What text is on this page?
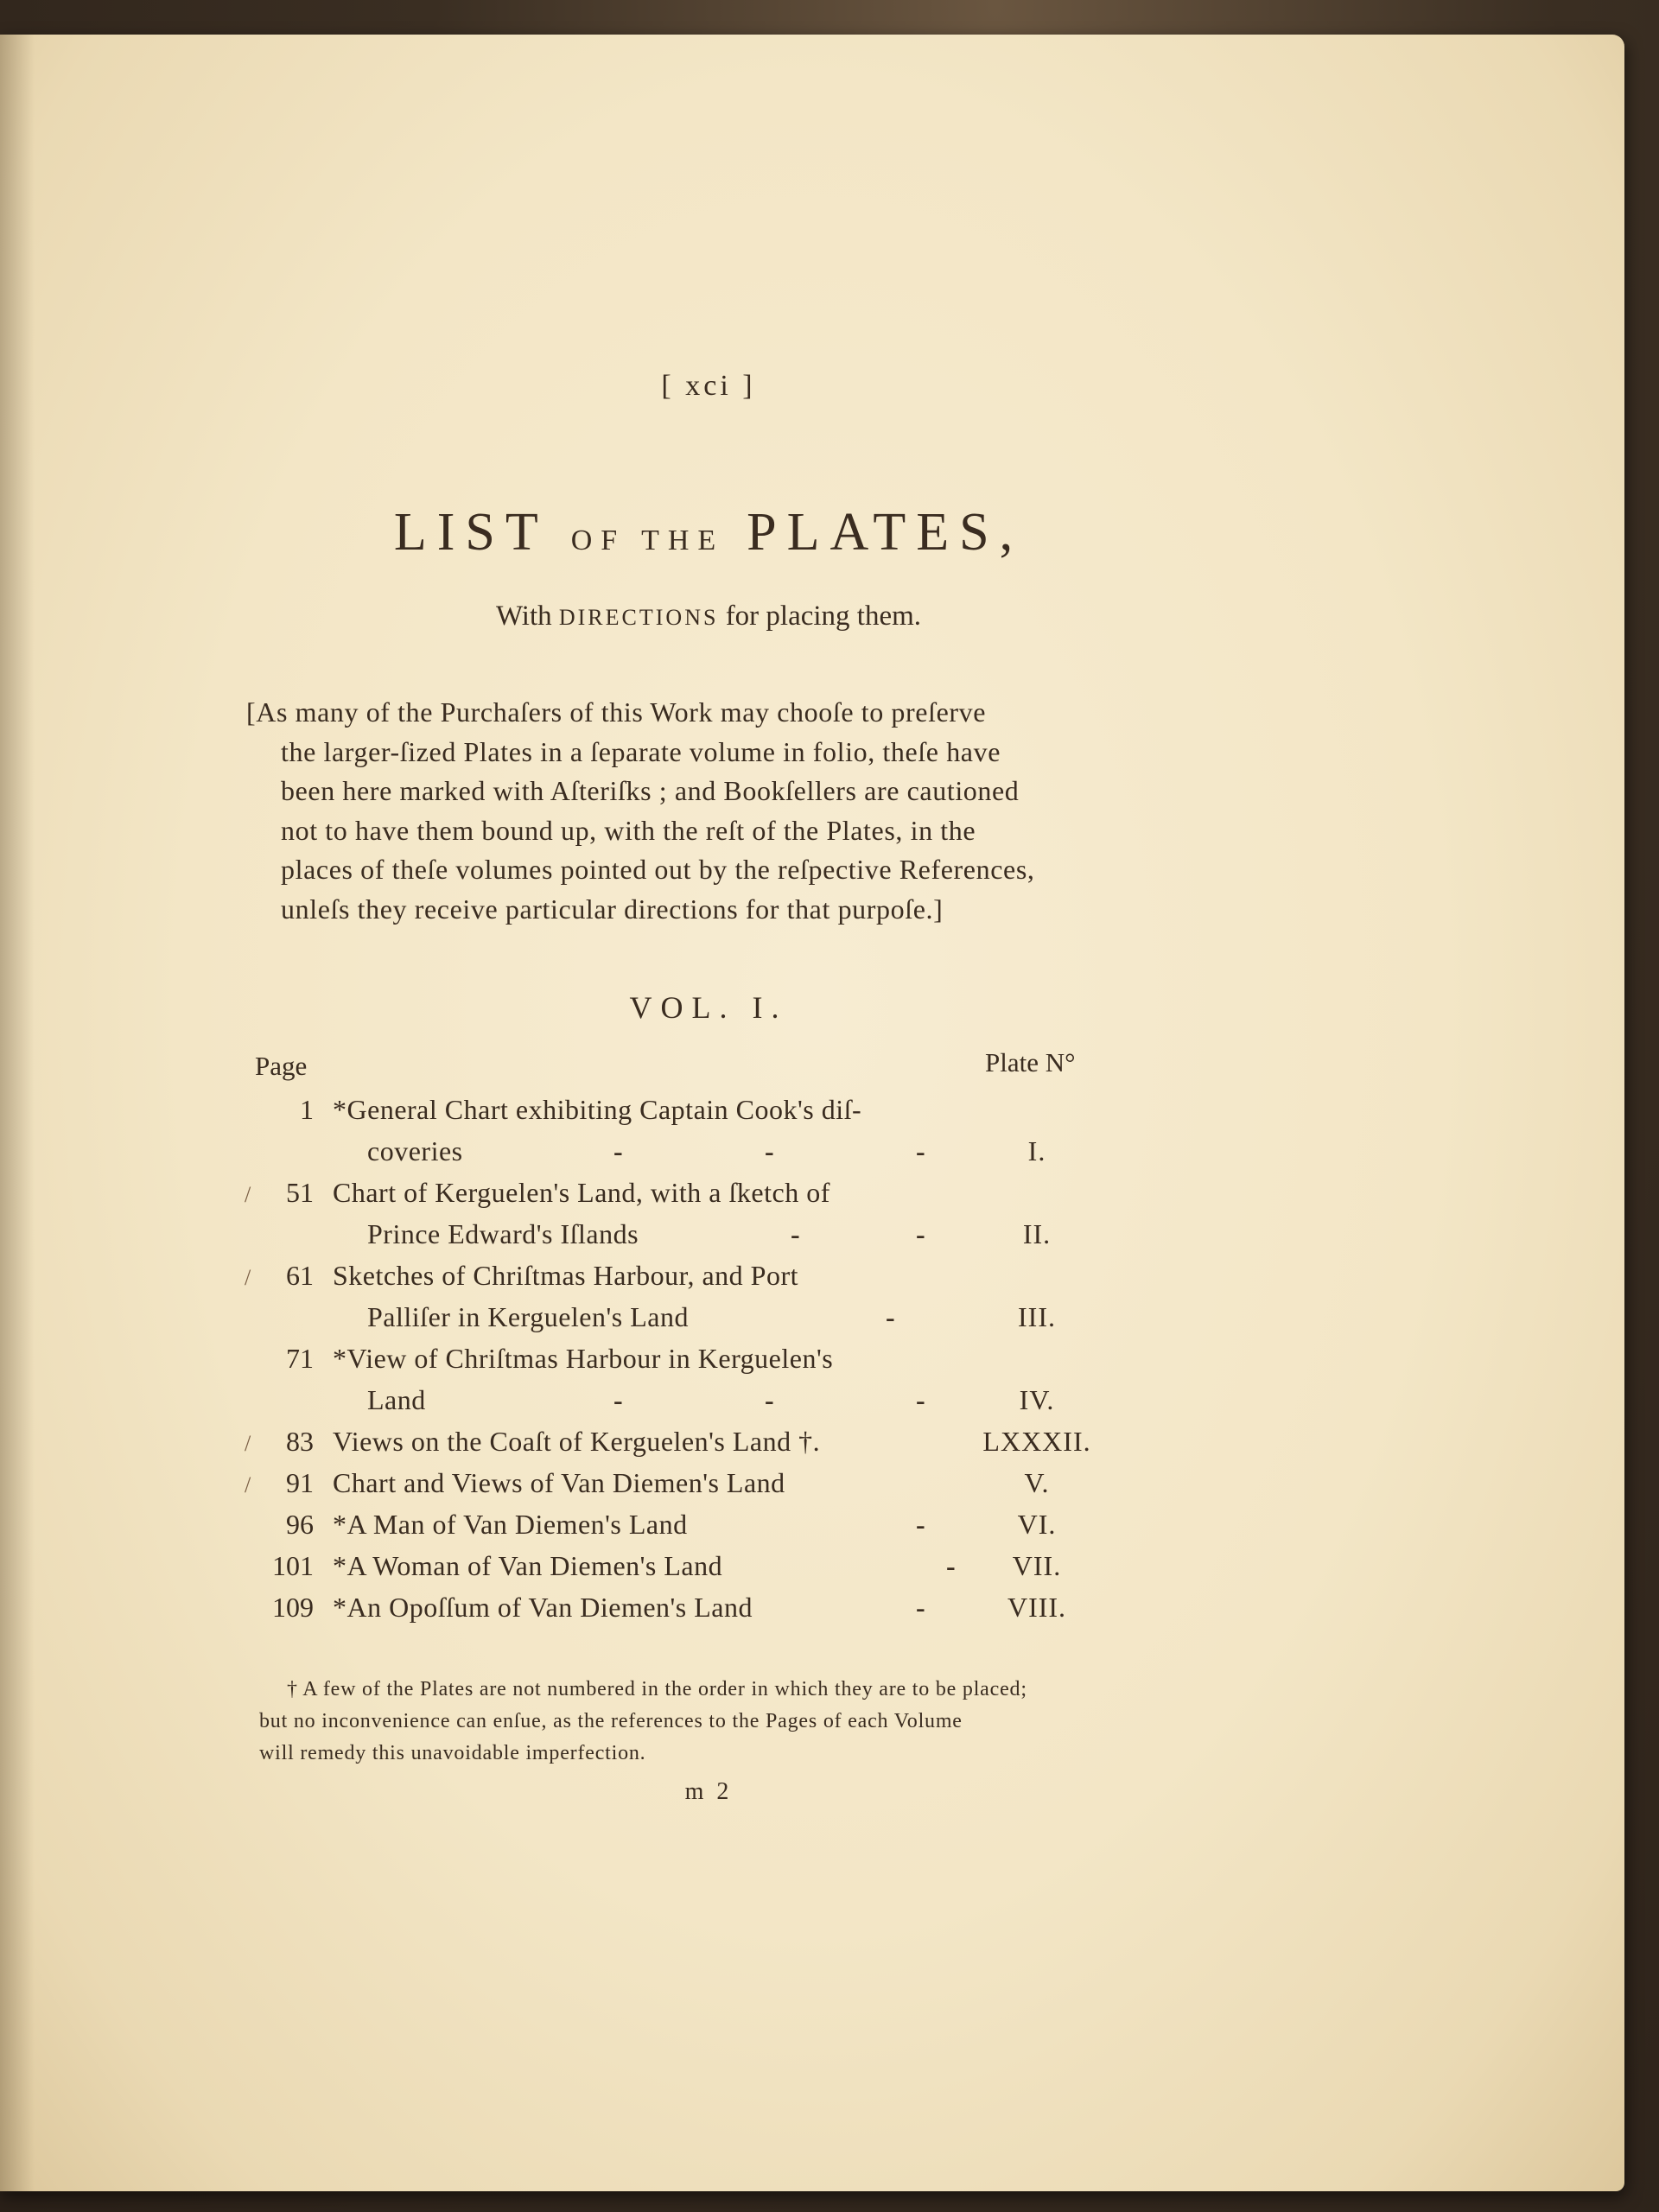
[ xci ]
LIST OF THE PLATES,
With DIRECTIONS for placing them.
[As many of the Purchaſers of this Work may chooſe to preſerve
the larger-ſized Plates in a ſeparate volume in folio, theſe have
been here marked with Aſteriſks ; and Bookſellers are cautioned
not to have them bound up, with the reſt of the Plates, in the
places of theſe volumes pointed out by the reſpective References,
unleſs they receive particular directions for that purpoſe.]
VOL. I.
Page	Plate N°
1 *General Chart exhibiting Captain Cook's diſ-
coveries	-	-	-	I.
/	51 Chart of Kerguelen's Land, with a ſketch of
Prince Edward's Iſlands	-	-	II.
/	61 Sketches of Chriſtmas Harbour, and Port
Palliſer in Kerguelen's Land	-	III.
71 *View of Chriſtmas Harbour in Kerguelen's
Land	-	-	-	IV.
/	83 Views on the Coaſt of Kerguelen's Land †.	LXXXII.
/	91 Chart and Views of Van Diemen's Land	V.
96 *A Man of Van Diemen's Land	-	VI.
101 *A Woman of Van Diemen's Land	- VII.
109 *An Opoſſum of Van Diemen's Land	-	VIII.
† A few of the Plates are not numbered in the order in which they are to be placed;
but no inconvenience can enſue, as the references to the Pages of each Volume
will remedy this unavoidable imperfection.
m 2
